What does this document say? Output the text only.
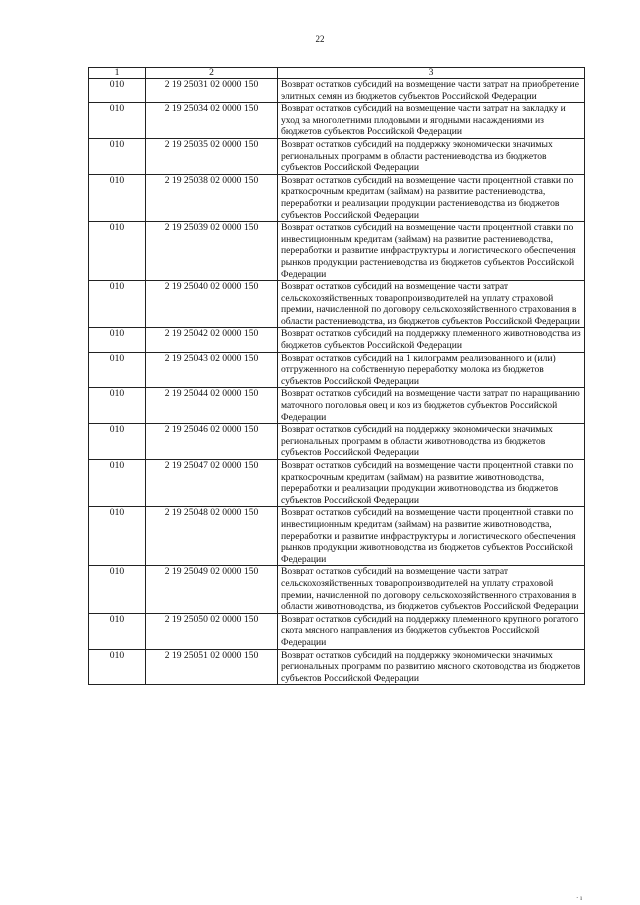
22
1	2	3
010	2 19 25031 02 0000 150	Возврат остатков субсидий на возмещение части затрат на приобретение элитных семян из бюджетов субъектов Российской Федерации
010	2 19 25034 02 0000 150	Возврат остатков субсидий на возмещение части затрат на закладку и уход за многолетними плодовыми и ягодными насаждениями из бюджетов субъектов Российской Федерации
010	2 19 25035 02 0000 150	Возврат остатков субсидий на поддержку экономически значимых региональных программ в области растениеводства из бюджетов субъектов Российской Федерации
010	2 19 25038 02 0000 150	Возврат остатков субсидий на возмещение части процентной ставки по краткосрочным кредитам (займам) на развитие растениеводства, переработки и реализации продукции растениеводства из бюджетов субъектов Российской Федерации
010	2 19 25039 02 0000 150	Возврат остатков субсидий на возмещение части процентной ставки по инвестиционным кредитам (займам) на развитие растениеводства, переработки и развитие инфраструктуры и логистического обеспечения рынков продукции растениеводства из бюджетов субъектов Российской Федерации
010	2 19 25040 02 0000 150	Возврат остатков субсидий на возмещение части затрат сельскохозяйственных товаропроизводителей на уплату страховой премии, начисленной по договору сельскохозяйственного страхования в области растениеводства, из бюджетов субъектов Российской Федерации
010	2 19 25042 02 0000 150	Возврат остатков субсидий на поддержку племенного животноводства из бюджетов субъектов Российской Федерации
010	2 19 25043 02 0000 150	Возврат остатков субсидий на 1 килограмм реализованного и (или) отгруженного на собственную переработку молока из бюджетов субъектов Российской Федерации
010	2 19 25044 02 0000 150	Возврат остатков субсидий на возмещение части затрат по наращиванию маточного поголовья овец и коз из бюджетов субъектов Российской Федерации
010	2 19 25046 02 0000 150	Возврат остатков субсидий на поддержку экономически значимых региональных программ в области животноводства из бюджетов субъектов Российской Федерации
010	2 19 25047 02 0000 150	Возврат остатков субсидий на возмещение части процентной ставки по краткосрочным кредитам (займам) на развитие животноводства, переработки и реализации продукции животноводства из бюджетов субъектов Российской Федерации
010	2 19 25048 02 0000 150	Возврат остатков субсидий на возмещение части процентной ставки по инвестиционным кредитам (займам) на развитие животноводства, переработки и развитие инфраструктуры и логистического обеспечения рынков продукции животноводства из бюджетов субъектов Российской Федерации
010	2 19 25049 02 0000 150	Возврат остатков субсидий на возмещение части затрат сельскохозяйственных товаропроизводителей на уплату страховой премии, начисленной по договору сельскохозяйственного страхования в области животноводства, из бюджетов субъектов Российской Федерации
010	2 19 25050 02 0000 150	Возврат остатков субсидий на поддержку племенного крупного рогатого скота мясного направления из бюджетов субъектов Российской Федерации
010	2 19 25051 02 0000 150	Возврат остатков субсидий на поддержку экономически значимых региональных программ по развитию мясного скотоводства из бюджетов субъектов Российской Федерации
· ı
